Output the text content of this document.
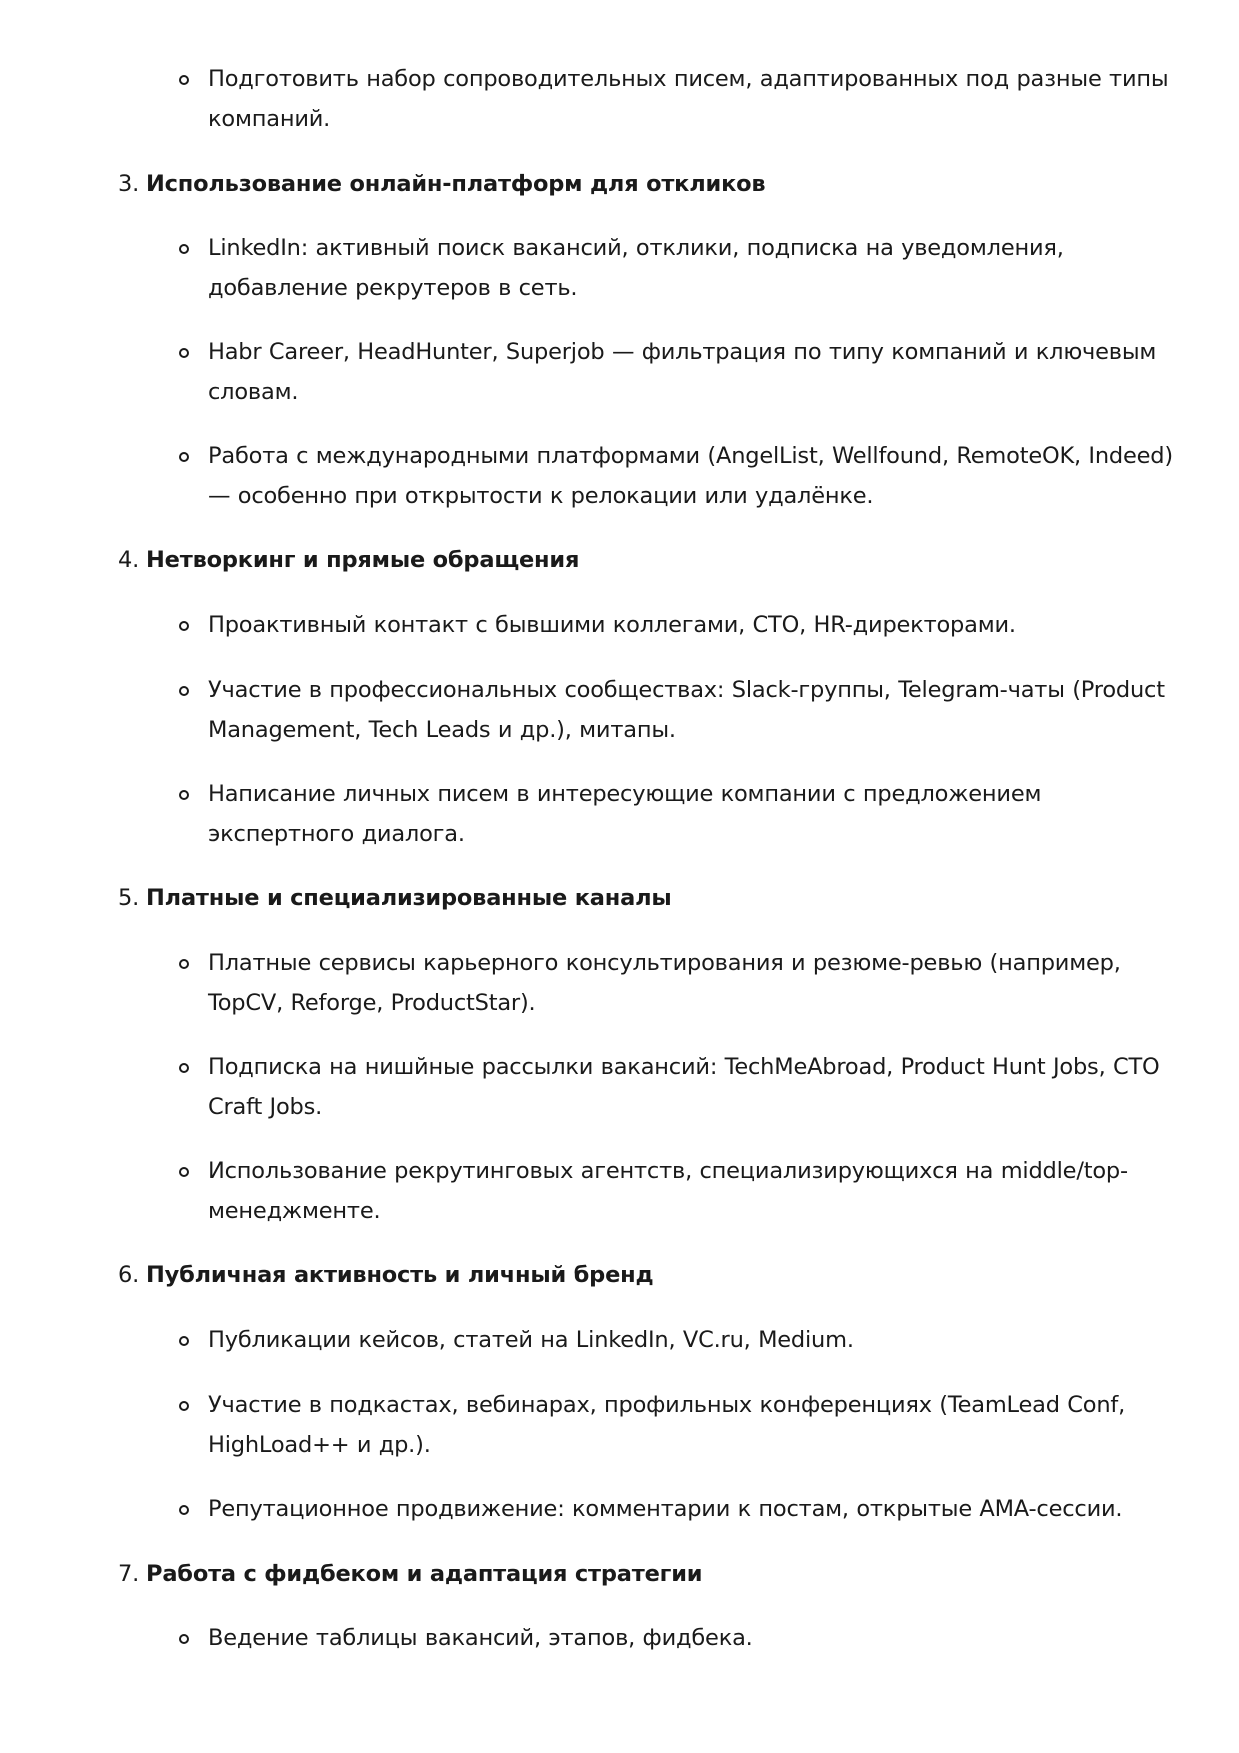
Подготовить набор сопроводительных писем, адаптированных под разные типы
компаний.

3. Использование онлайн-платформ для откликов

LinkedIn: активный поиск вакансий, отклики, подписка на уведомления,
добавление рекрутеров в сеть.
Habr Career, HeadHunter, Superjob — фильтрация по типу компаний и ключевым
словам.
Работа с международными платформами (AngelList, Wellfound, RemoteOK, Indeed)
— особенно при открытости к релокации или удалёнке.

4. Нетворкинг и прямые обращения

Проактивный контакт с бывшими коллегами, CTO, HR-директорами.
Участие в профессиональных сообществах: Slack-группы, Telegram-чаты (Product
Management, Tech Leads и др.), митапы.
Написание личных писем в интересующие компании с предложением
экспертного диалога.

5. Платные и специализированные каналы

Платные сервисы карьерного консультирования и резюме-ревью (например,
TopCV, Reforge, ProductStar).
Подписка на нишйные рассылки вакансий: TechMeAbroad, Product Hunt Jobs, CTO
Craft Jobs.
Использование рекрутинговых агентств, специализирующихся на middle/top-
менеджменте.

6. Публичная активность и личный бренд

Публикации кейсов, статей на LinkedIn, VC.ru, Medium.
Участие в подкастах, вебинарах, профильных конференциях (TeamLead Conf,
HighLoad++ и др.).
Репутационное продвижение: комментарии к постам, открытые AMA-сессии.

7. Работа с фидбеком и адаптация стратегии

Ведение таблицы вакансий, этапов, фидбека.
